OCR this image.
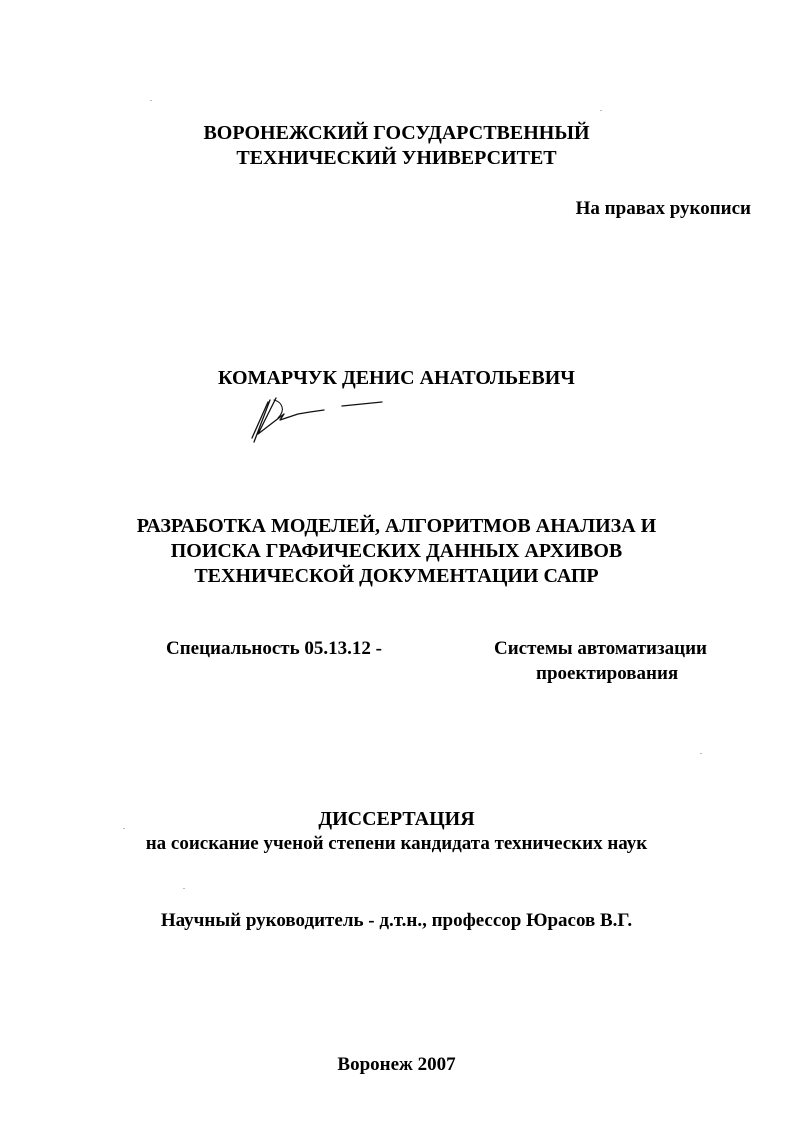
ВОРОНЕЖСКИЙ ГОСУДАРСТВЕННЫЙ
ТЕХНИЧЕСКИЙ УНИВЕРСИТЕТ
На правах рукописи
КОМАРЧУК ДЕНИС АНАТОЛЬЕВИЧ
РАЗРАБОТКА МОДЕЛЕЙ, АЛГОРИТМОВ АНАЛИЗА И
ПОИСКА ГРАФИЧЕСКИХ ДАННЫХ АРХИВОВ
ТЕХНИЧЕСКОЙ ДОКУМЕНТАЦИИ САПР
Специальность 05.13.12 -	Системы автоматизации
проектирования
ДИССЕРТАЦИЯ
на соискание ученой степени кандидата технических наук
Научный руководитель - д.т.н., профессор Юрасов В.Г.
Воронеж 2007
